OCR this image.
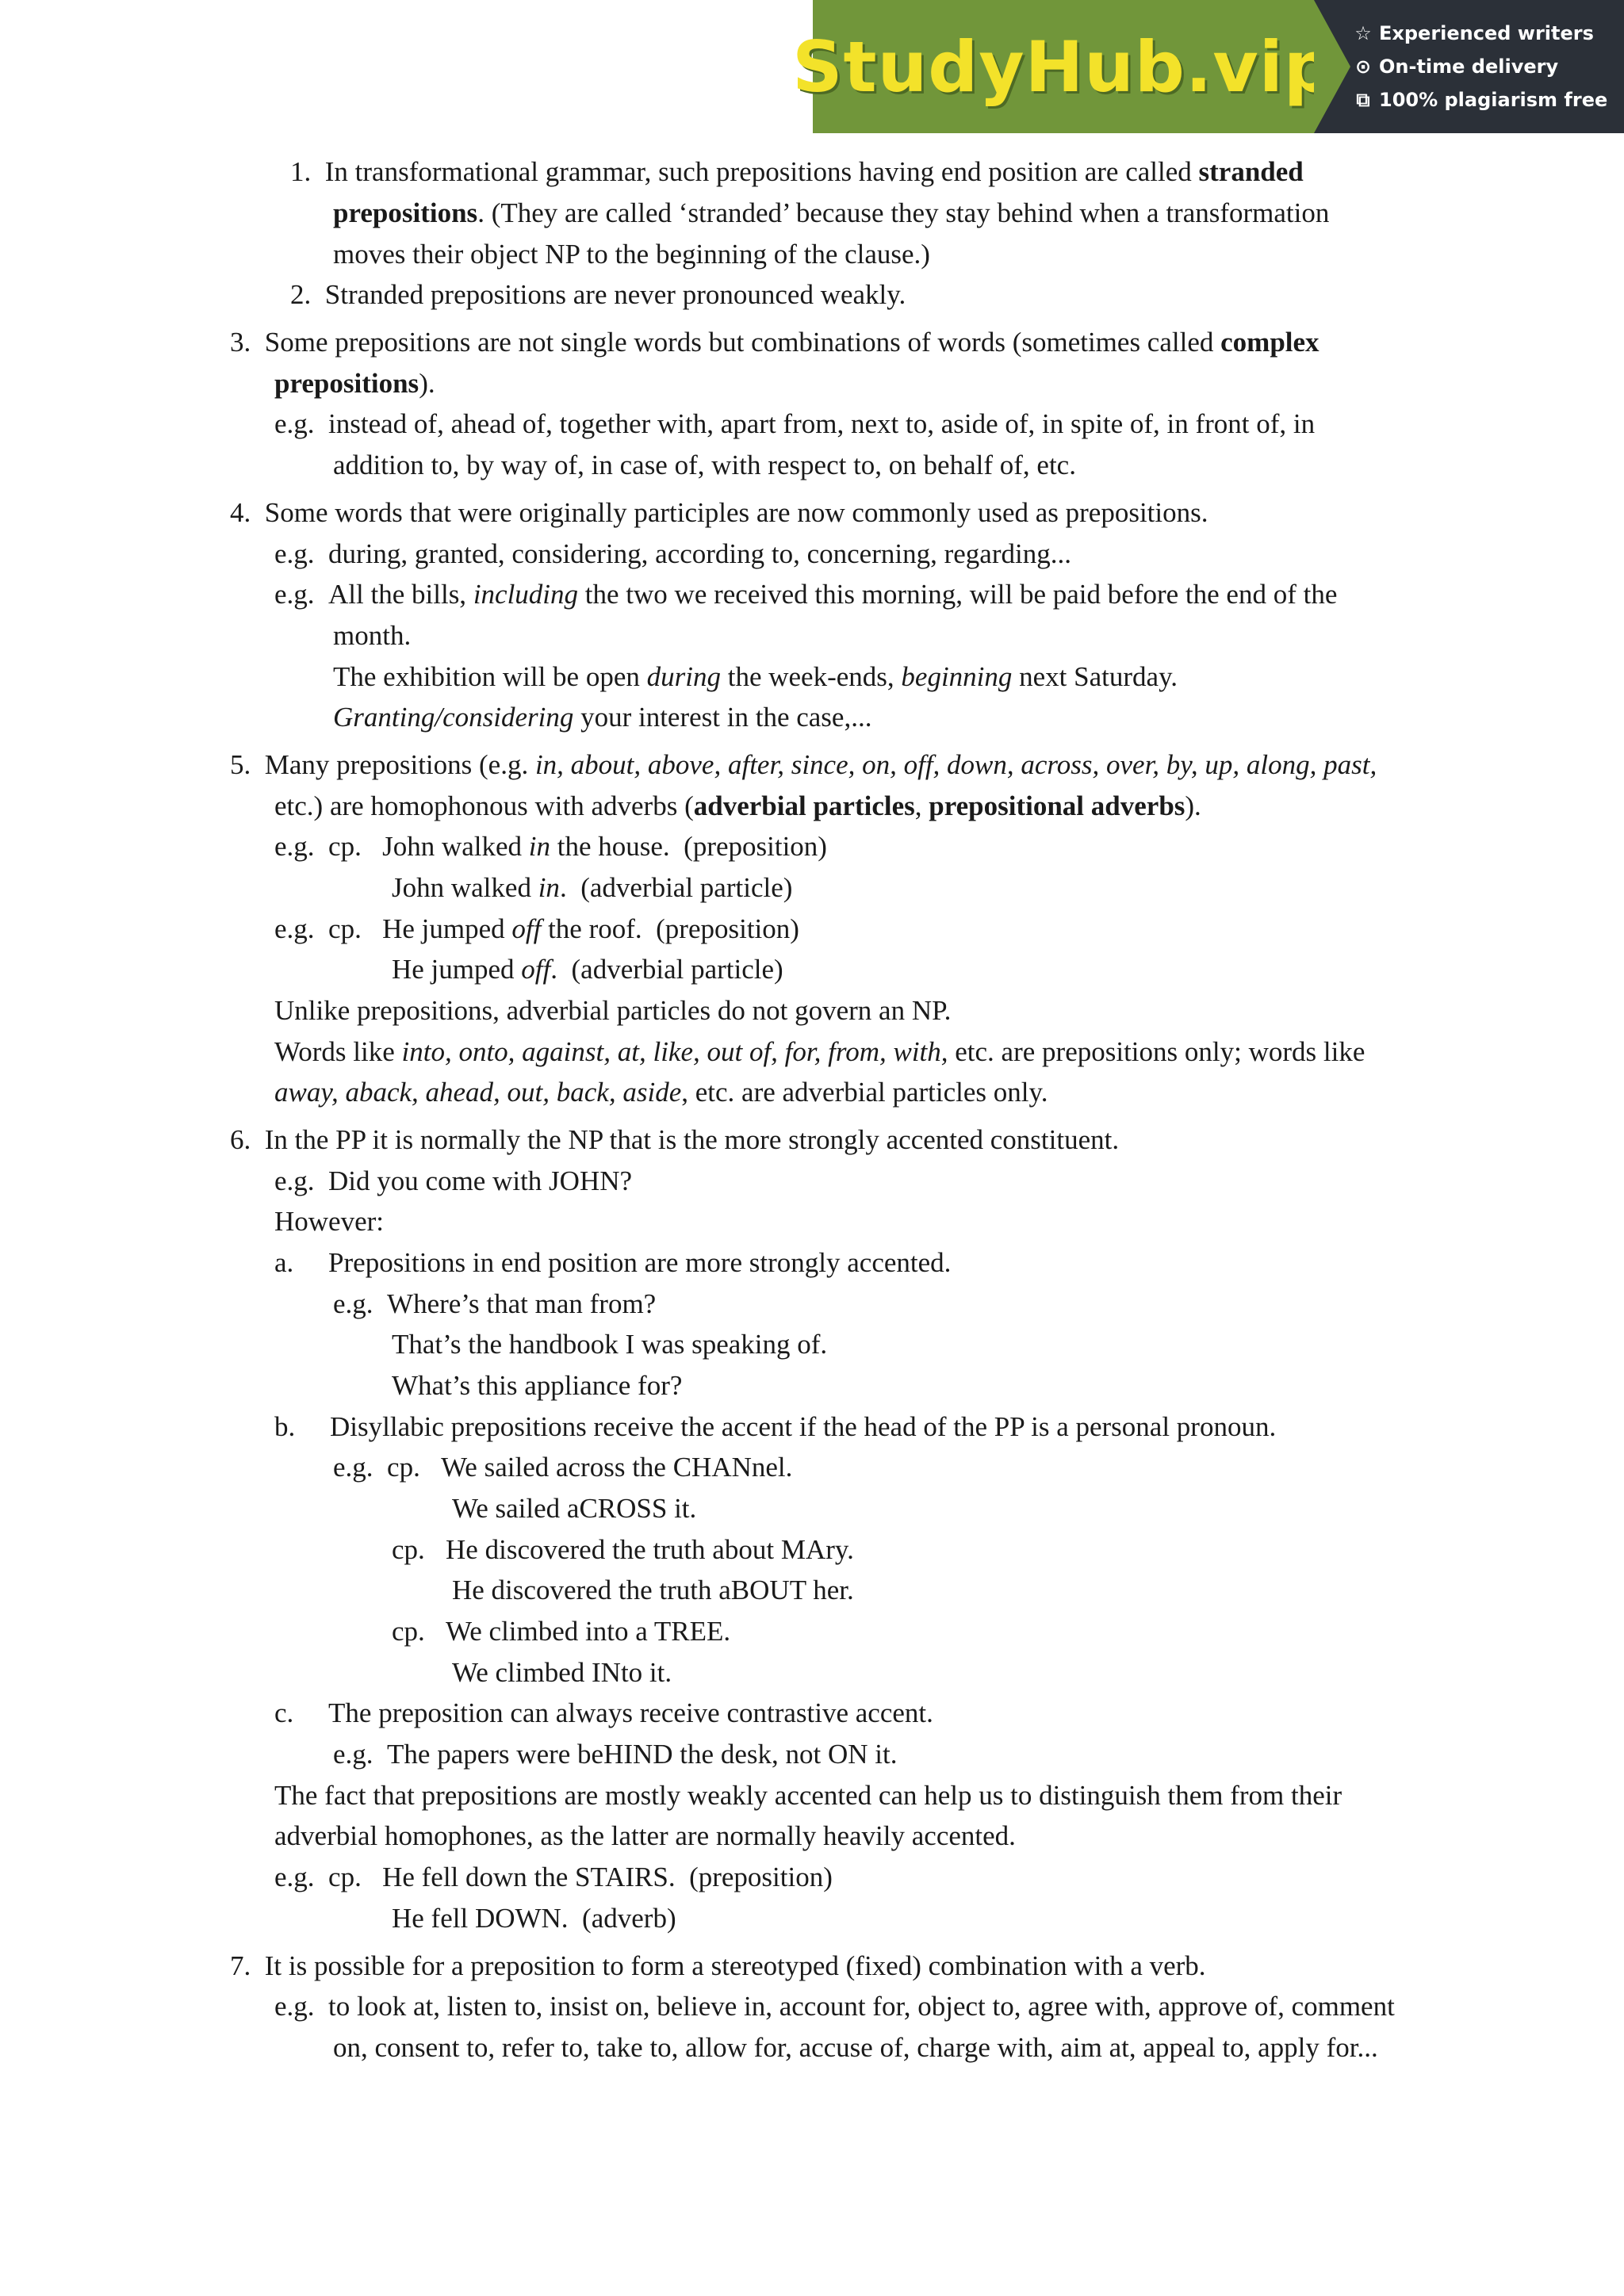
StudyHub.vip ☆ Experienced writers
⊙ On-time delivery
⧉ 100% plagiarism free
1.  In transformational grammar, such prepositions having end position are called stranded
prepositions. (They are called ‘stranded’ because they stay behind when a transformation
moves their object NP to the beginning of the clause.)
2.  Stranded prepositions are never pronounced weakly.
3.  Some prepositions are not single words but combinations of words (sometimes called complex
prepositions).
e.g.  instead of, ahead of, together with, apart from, next to, aside of, in spite of, in front of, in
addition to, by way of, in case of, with respect to, on behalf of, etc.
4.  Some words that were originally participles are now commonly used as prepositions.
e.g.  during, granted, considering, according to, concerning, regarding...
e.g.  All the bills, including the two we received this morning, will be paid before the end of the
month.
The exhibition will be open during the week-ends, beginning next Saturday.
Granting/considering your interest in the case,...
5.  Many prepositions (e.g. in, about, above, after, since, on, off, down, across, over, by, up, along, past,
etc.) are homophonous with adverbs (adverbial particles, prepositional adverbs).
e.g.  cp.   John walked in the house.  (preposition)
John walked in.  (adverbial particle)
e.g.  cp.   He jumped off the roof.  (preposition)
He jumped off.  (adverbial particle)
Unlike prepositions, adverbial particles do not govern an NP.
Words like into, onto, against, at, like, out of, for, from, with, etc. are prepositions only; words like
away, aback, ahead, out, back, aside, etc. are adverbial particles only.
6.  In the PP it is normally the NP that is the more strongly accented constituent.
e.g.  Did you come with JOHN?
However:
a.     Prepositions in end position are more strongly accented.
e.g.  Where’s that man from?
That’s the handbook I was speaking of.
What’s this appliance for?
b.     Disyllabic prepositions receive the accent if the head of the PP is a personal pronoun.
e.g.  cp.   We sailed across the CHANnel.
We sailed aCROSS it.
cp.   He discovered the truth about MAry.
He discovered the truth aBOUT her.
cp.   We climbed into a TREE.
We climbed INto it.
c.     The preposition can always receive contrastive accent.
e.g.  The papers were beHIND the desk, not ON it.
The fact that prepositions are mostly weakly accented can help us to distinguish them from their
adverbial homophones, as the latter are normally heavily accented.
e.g.  cp.   He fell down the STAIRS.  (preposition)
He fell DOWN.  (adverb)
7.  It is possible for a preposition to form a stereotyped (fixed) combination with a verb.
e.g.  to look at, listen to, insist on, believe in, account for, object to, agree with, approve of, comment
on, consent to, refer to, take to, allow for, accuse of, charge with, aim at, appeal to, apply for...
